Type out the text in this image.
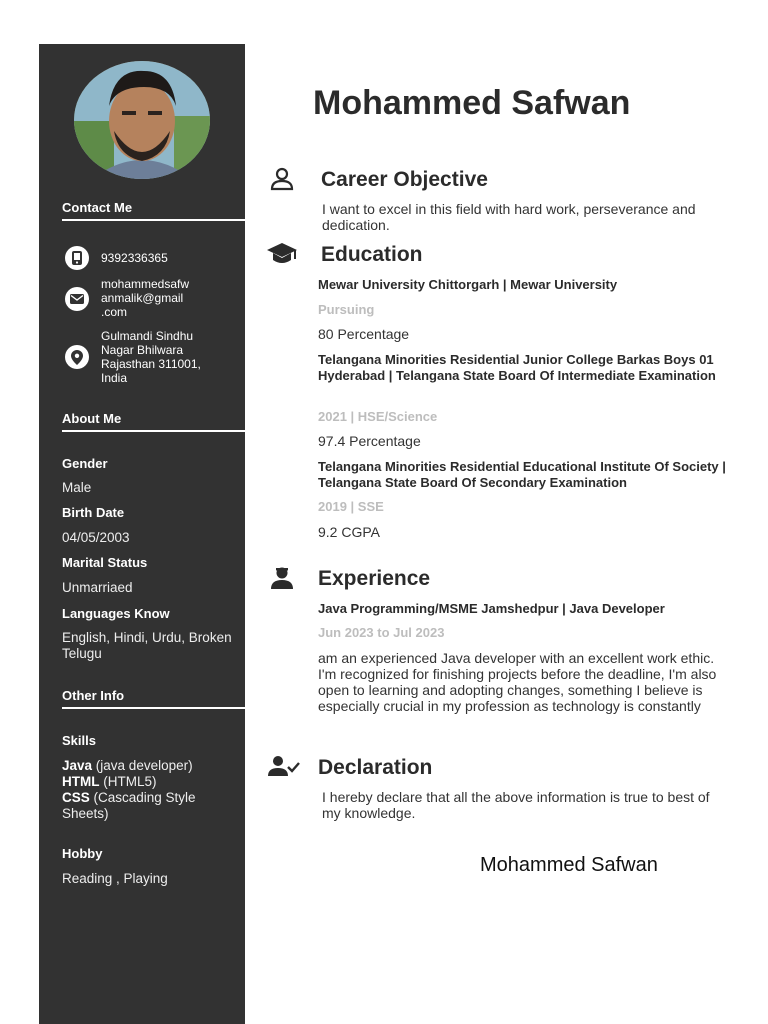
Contact Me
9392336365
mohammedsafw
anmalik@gmail
.com
Gulmandi Sindhu
Nagar Bhilwara
Rajasthan 311001,
India
About Me
Gender
Male
Birth Date
04/05/2003
Marital Status
Unmarriaed
Languages Know
English, Hindi, Urdu, Broken Telugu
Other Info
Skills
Java (java developer)
HTML (HTML5)
CSS (Cascading Style Sheets)
Hobby
Reading , Playing
Mohammed Safwan
Career Objective
I want to excel in this field with hard work, perseverance and dedication.
Education
Mewar University Chittorgarh | Mewar University
Pursuing
80 Percentage
Telangana Minorities Residential Junior College Barkas Boys 01 Hyderabad | Telangana State Board Of Intermediate Examination
2021 | HSE/Science
97.4 Percentage
Telangana Minorities Residential Educational Institute Of Society | Telangana State Board Of Secondary Examination
2019 | SSE
9.2 CGPA
Experience
Java Programming/MSME Jamshedpur | Java Developer
Jun 2023 to Jul 2023
am an experienced Java developer with an excellent work ethic. I'm recognized for finishing projects before the deadline, I'm also open to learning and adopting changes, something I believe is especially crucial in my profession as technology is constantly
Declaration
I hereby declare that all the above information is true to best of my knowledge.
Mohammed Safwan
